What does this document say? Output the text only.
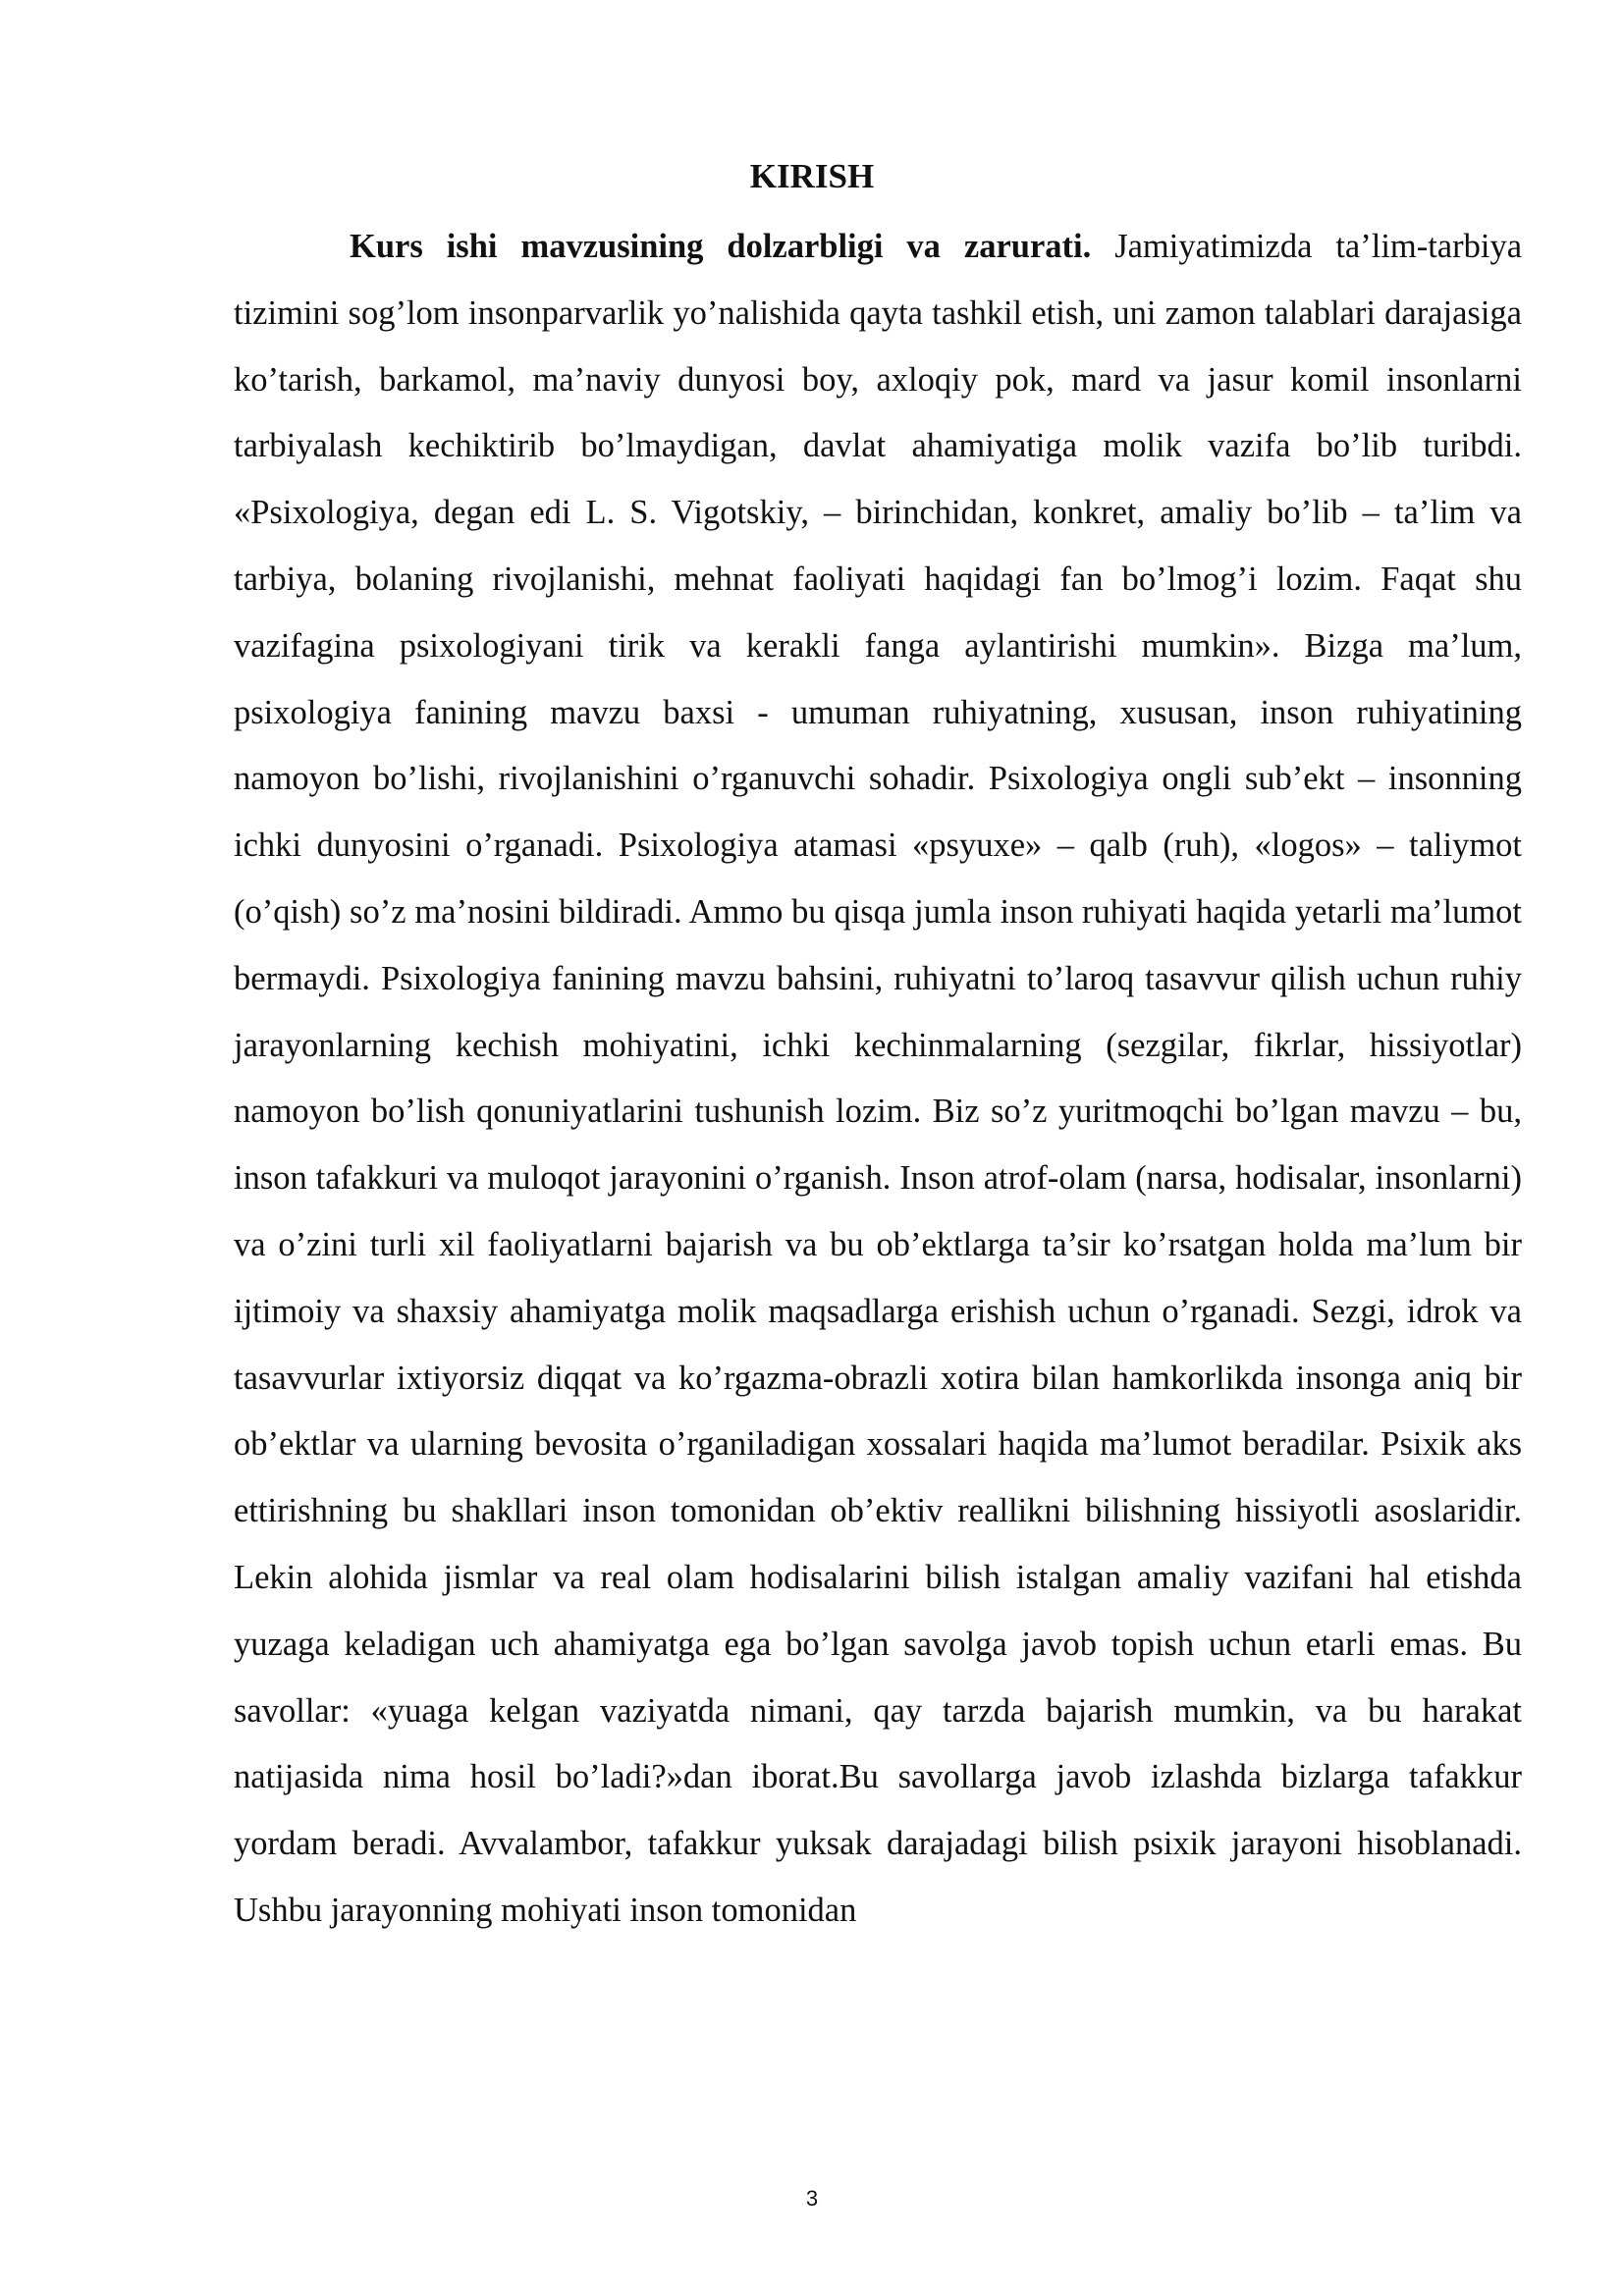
KIRISH

Kurs ishi mavzusining dolzarbligi va zarurati. Jamiyatimizda ta’lim-tarbiya tizimini sog’lom insonparvarlik yo’nalishida qayta tashkil etish, uni zamon talablari darajasiga ko’tarish, barkamol, ma’naviy dunyosi boy, axloqiy pok, mard va jasur komil insonlarni tarbiyalash kechiktirib bo’lmaydigan, davlat ahamiyatiga molik vazifa bo’lib turibdi. «Psixologiya, degan edi L. S. Vigotskiy, – birinchidan, konkret, amaliy bo’lib – ta’lim va tarbiya, bolaning rivojlanishi, mehnat faoliyati haqidagi fan bo’lmog’i lozim. Faqat shu vazifagina psixologiyani tirik va kerakli fanga aylantirishi mumkin». Bizga ma’lum, psixologiya fanining mavzu baxsi - umuman ruhiyatning, xususan, inson ruhiyatining namoyon bo’lishi, rivojlanishini o’rganuvchi sohadir. Psixologiya ongli sub’ekt – insonning ichki dunyosini o’rganadi. Psixologiya atamasi «psyuxe» – qalb (ruh), «logos» – taliymot (o’qish) so’z ma’nosini bildiradi. Ammo bu qisqa jumla inson ruhiyati haqida yetarli ma’lumot bermaydi. Psixologiya fanining mavzu bahsini, ruhiyatni to’laroq tasavvur qilish uchun ruhiy jarayonlarning kechish mohiyatini, ichki kechinmalarning (sezgilar, fikrlar, hissiyotlar) namoyon bo’lish qonuniyatlarini tushunish lozim. Biz so’z yuritmoqchi bo’lgan mavzu – bu, inson tafakkuri va muloqot jarayonini o’rganish. Inson atrof-olam (narsa, hodisalar, insonlarni) va o’zini turli xil faoliyatlarni bajarish va bu ob’ektlarga ta’sir ko’rsatgan holda ma’lum bir ijtimoiy va shaxsiy ahamiyatga molik maqsadlarga erishish uchun o’rganadi. Sezgi, idrok va tasavvurlar ixtiyorsiz diqqat va ko’rgazma-obrazli xotira bilan hamkorlikda insonga aniq bir ob’ektlar va ularning bevosita o’rganiladigan xossalari haqida ma’lumot beradilar. Psixik aks ettirishning bu shakllari inson tomonidan ob’ektiv reallikni bilishning hissiyotli asoslaridir. Lekin alohida jismlar va real olam hodisalarini bilish istalgan amaliy vazifani hal etishda yuzaga keladigan uch ahamiyatga ega bo’lgan savolga javob topish uchun etarli emas. Bu savollar: «yuaga kelgan vaziyatda nimani, qay tarzda bajarish mumkin, va bu harakat natijasida nima hosil bo’ladi?»dan iborat.Bu savollarga javob izlashda bizlarga tafakkur yordam beradi. Avvalambor, tafakkur yuksak darajadagi bilish psixik jarayoni hisoblanadi. Ushbu jarayonning mohiyati inson tomonidan

3
